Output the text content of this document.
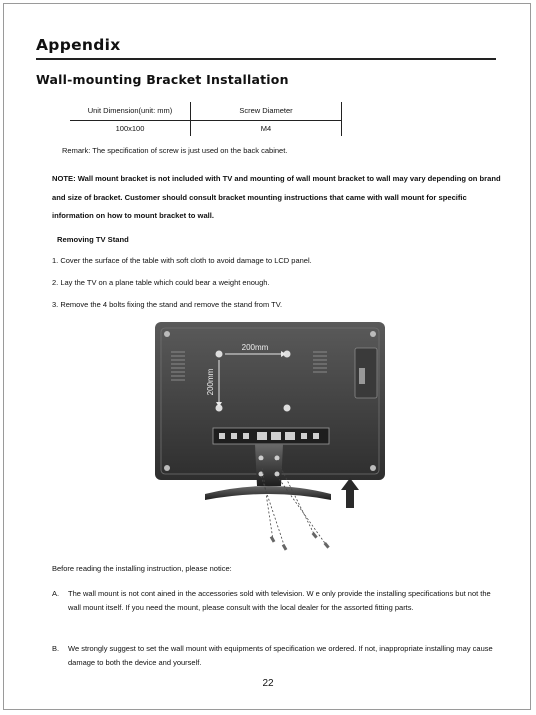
Appendix
Wall-mounting Bracket Installation
Unit Dimension(unit: mm)	Screw Diameter
100x100	M4
Remark: The specification of screw is just used on the back cabinet.
NOTE: Wall mount bracket is not included with TV and mounting of wall mount bracket to wall may vary depending on brand and size of bracket. Customer should consult bracket mounting instructions that came with wall mount for specific information on how to mount bracket to wall.
Removing TV Stand
1. Cover the surface of the table with soft cloth to avoid damage to LCD panel.
2. Lay the TV on a plane table which could bear a weight enough.
3. Remove the 4 bolts fixing the stand and remove the stand from TV.
200mm
200mm
Before reading the installing instruction, please notice:
A. The wall mount is not cont ained in the accessories sold with television. W e only provide the installing specifications but not the wall mount itself. If you need the mount, please consult with the local dealer for the assorted fitting parts.
B. We strongly suggest to set the wall mount with equipments of specification we ordered. If not, inappropriate installing may cause damage to both the device and yourself.
22
